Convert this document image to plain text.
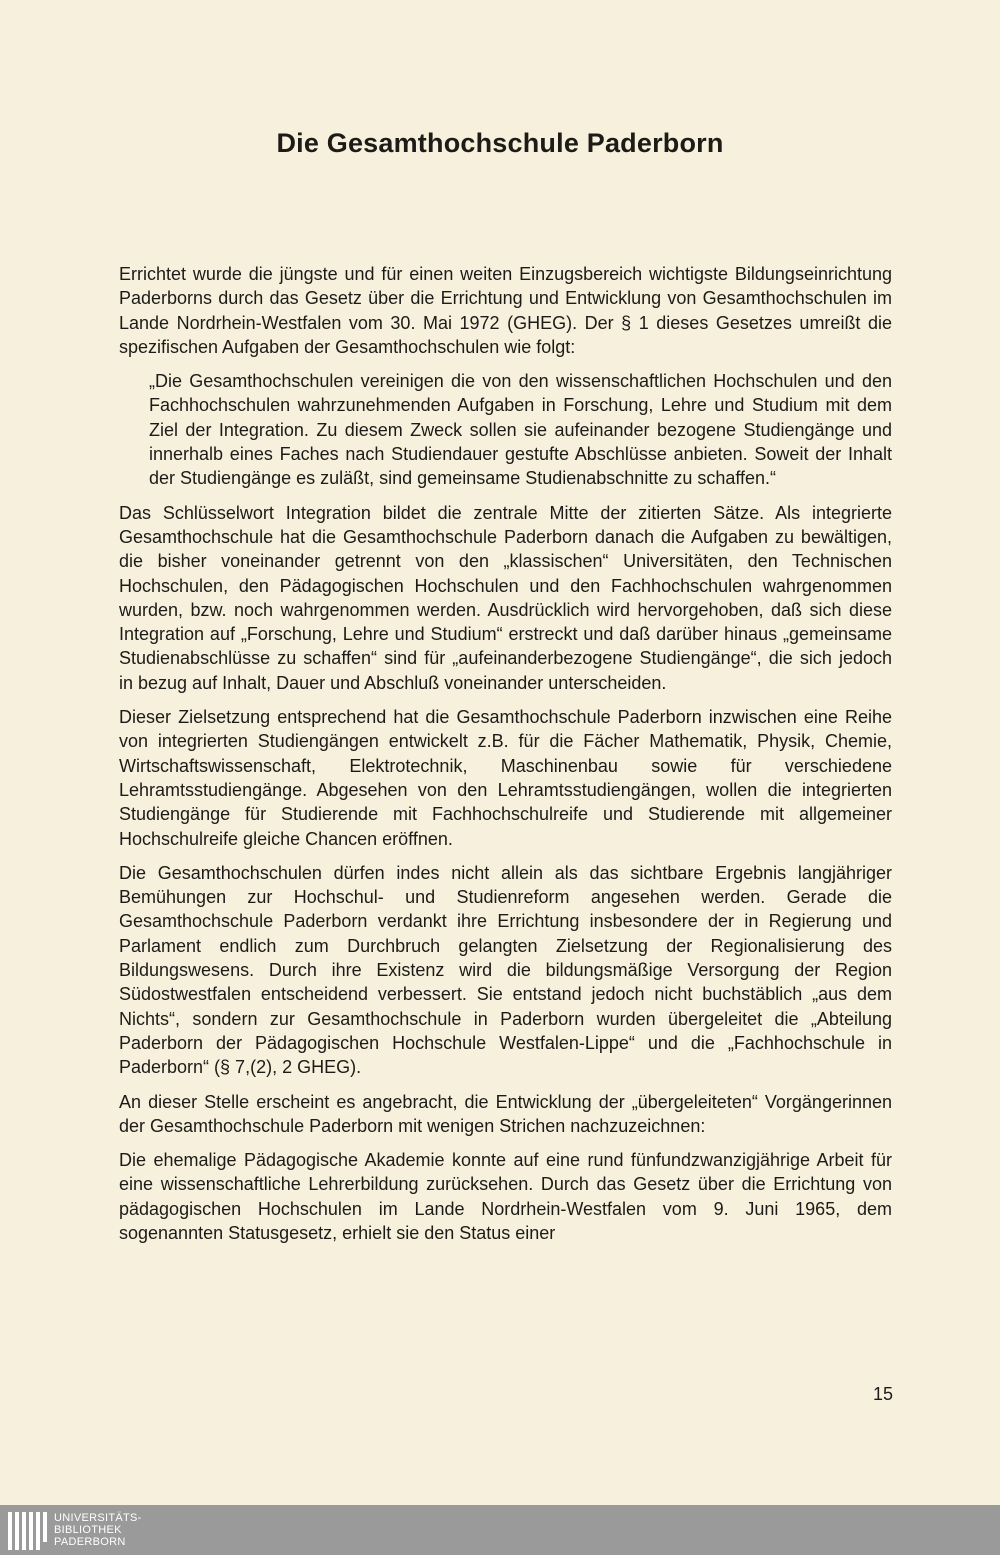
Die Gesamthochschule Paderborn

Errichtet wurde die jüngste und für einen weiten Einzugsbereich wichtigste Bildungseinrichtung Paderborns durch das Gesetz über die Errichtung und Entwicklung von Gesamthochschulen im Lande Nordrhein-Westfalen vom 30. Mai 1972 (GHEG). Der § 1 dieses Gesetzes umreißt die spezifischen Aufgaben der Gesamthochschulen wie folgt:

„Die Gesamthochschulen vereinigen die von den wissenschaftlichen Hochschulen und den Fachhochschulen wahrzunehmenden Aufgaben in Forschung, Lehre und Studium mit dem Ziel der Integration. Zu diesem Zweck sollen sie aufeinander bezogene Studiengänge und innerhalb eines Faches nach Studiendauer gestufte Abschlüsse anbieten. Soweit der Inhalt der Studiengänge es zuläßt, sind gemeinsame Studienabschnitte zu schaffen.“

Das Schlüsselwort Integration bildet die zentrale Mitte der zitierten Sätze. Als integrierte Gesamthochschule hat die Gesamthochschule Paderborn danach die Aufgaben zu bewältigen, die bisher voneinander getrennt von den „klassischen“ Universitäten, den Technischen Hochschulen, den Pädagogischen Hochschulen und den Fachhochschulen wahrgenommen wurden, bzw. noch wahrgenommen werden. Ausdrücklich wird hervorgehoben, daß sich diese Integration auf „Forschung, Lehre und Studium“ erstreckt und daß darüber hinaus „gemeinsame Studienabschlüsse zu schaffen“ sind für „aufeinanderbezogene Studiengänge“, die sich jedoch in bezug auf Inhalt, Dauer und Abschluß voneinander unterscheiden.

Dieser Zielsetzung entsprechend hat die Gesamthochschule Paderborn inzwischen eine Reihe von integrierten Studiengängen entwickelt z.B. für die Fächer Mathematik, Physik, Chemie, Wirtschaftswissenschaft, Elektrotechnik, Maschinenbau sowie für verschiedene Lehramtsstudiengänge. Abgesehen von den Lehramtsstudiengängen, wollen die integrierten Studiengänge für Studierende mit Fachhochschulreife und Studierende mit allgemeiner Hochschulreife gleiche Chancen eröffnen.

Die Gesamthochschulen dürfen indes nicht allein als das sichtbare Ergebnis langjähriger Bemühungen zur Hochschul- und Studienreform angesehen werden. Gerade die Gesamthochschule Paderborn verdankt ihre Errichtung insbesondere der in Regierung und Parlament endlich zum Durchbruch gelangten Zielsetzung der Regionalisierung des Bildungswesens. Durch ihre Existenz wird die bildungsmäßige Versorgung der Region Südostwestfalen entscheidend verbessert. Sie entstand jedoch nicht buchstäblich „aus dem Nichts“, sondern zur Gesamthochschule in Paderborn wurden übergeleitet die „Abteilung Paderborn der Pädagogischen Hochschule Westfalen-Lippe“ und die „Fachhochschule in Paderborn“ (§ 7,(2), 2 GHEG).

An dieser Stelle erscheint es angebracht, die Entwicklung der „übergeleiteten“ Vorgängerinnen der Gesamthochschule Paderborn mit wenigen Strichen nachzuzeichnen:

Die ehemalige Pädagogische Akademie konnte auf eine rund fünfundzwanzigjährige Arbeit für eine wissenschaftliche Lehrerbildung zurücksehen. Durch das Gesetz über die Errichtung von pädagogischen Hochschulen im Lande Nordrhein-Westfalen vom 9. Juni 1965, dem sogenannten Statusgesetz, erhielt sie den Status einer

15
UNIVERSITÄTS-
BIBLIOTHEK
PADERBORN
